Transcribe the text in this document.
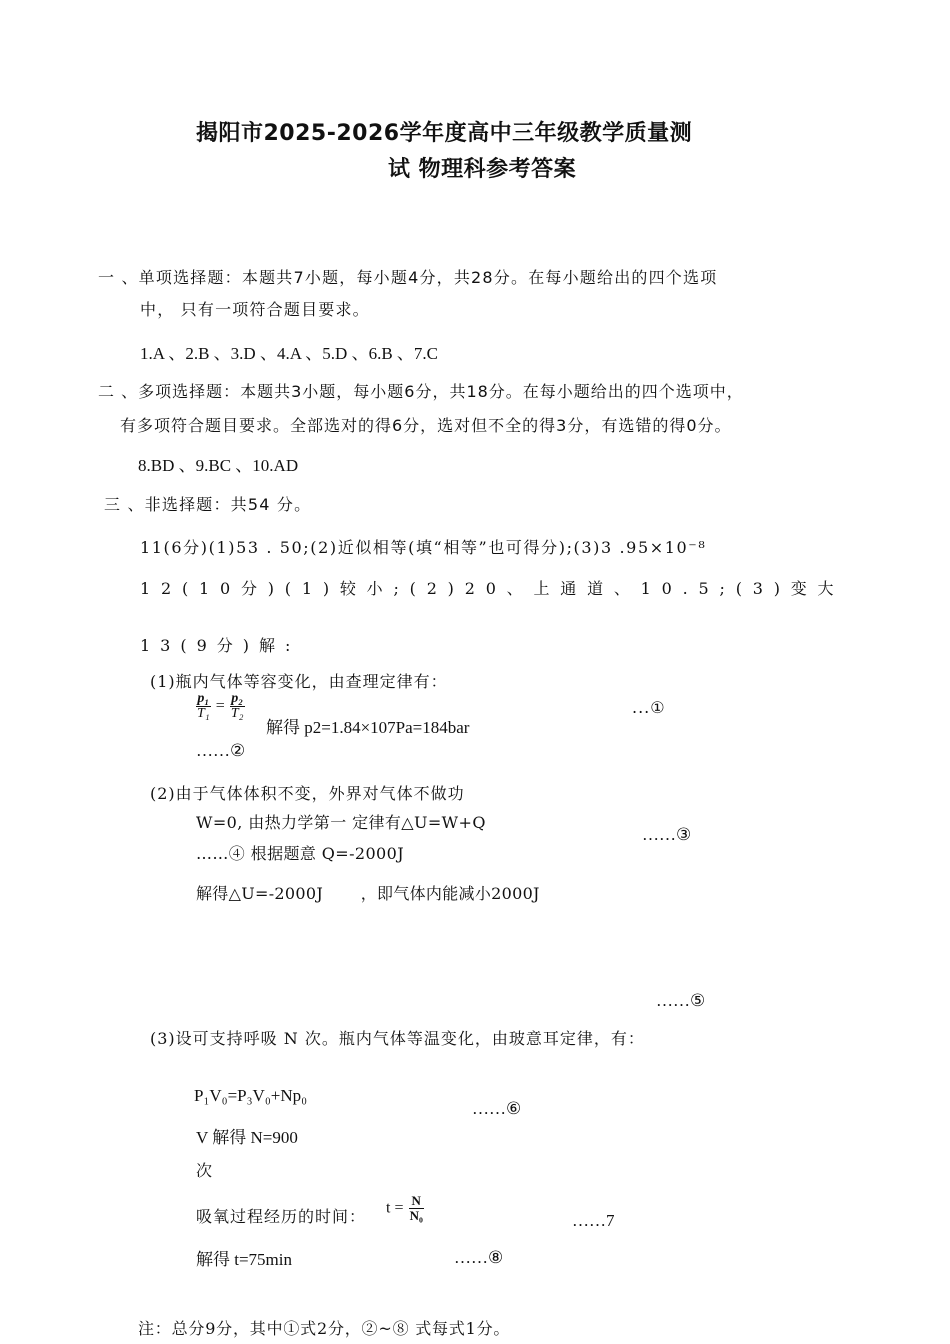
揭阳市2025-2026学年度高中三年级教学质量测
试 物理科参考答案
一 、单项选择题：本题共7小题，每小题4分，共28分。在每小题给出的四个选项
中， 只有一项符合题目要求。
1.A 、2.B 、3.D 、4.A 、5.D 、6.B 、7.C
二 、多项选择题：本题共3小题，每小题6分，共18分。在每小题给出的四个选项中，
有多项符合题目要求。全部选对的得6分，选对但不全的得3分，有选错的得0分。
8.BD 、9.BC 、10.AD
三 、非选择题：共54 分。
11(6分)(1)53 . 50;(2)近似相等(填“相等”也可得分);(3)3 .95×10⁻⁸
12(10分)(1)较小;(2)20、上通道、10.5;(3)变大
13(9分)解:
(1)瓶内气体等容变化，由查理定律有：
$\frac{\text{p₁}}{\text{T₁}} = \frac{\text{p₂}}{\text{T₂}}$
解得 p2=1.84×107Pa=184bar
...①
……②
(2)由于气体体积不变，外界对气体不做功
W=0, 由热力学第一 定律有△U=W+Q
……③
……④ 根据题意 Q=-2000J
解得△U=-2000J       ，即气体内能减小2000J
……⑤
(3)设可支持呼吸 N 次。瓶内气体等温变化，由玻意耳定律，有：
P₁V₀=P₃V₀+Np₀
……⑥
V 解得 N=900
次
吸氧过程经历的时间： $t = \frac{N}{\text{N₀}}$	……7
解得 t=75min	……⑧
注：总分9分，其中①式2分，②~⑧ 式每式1分。
